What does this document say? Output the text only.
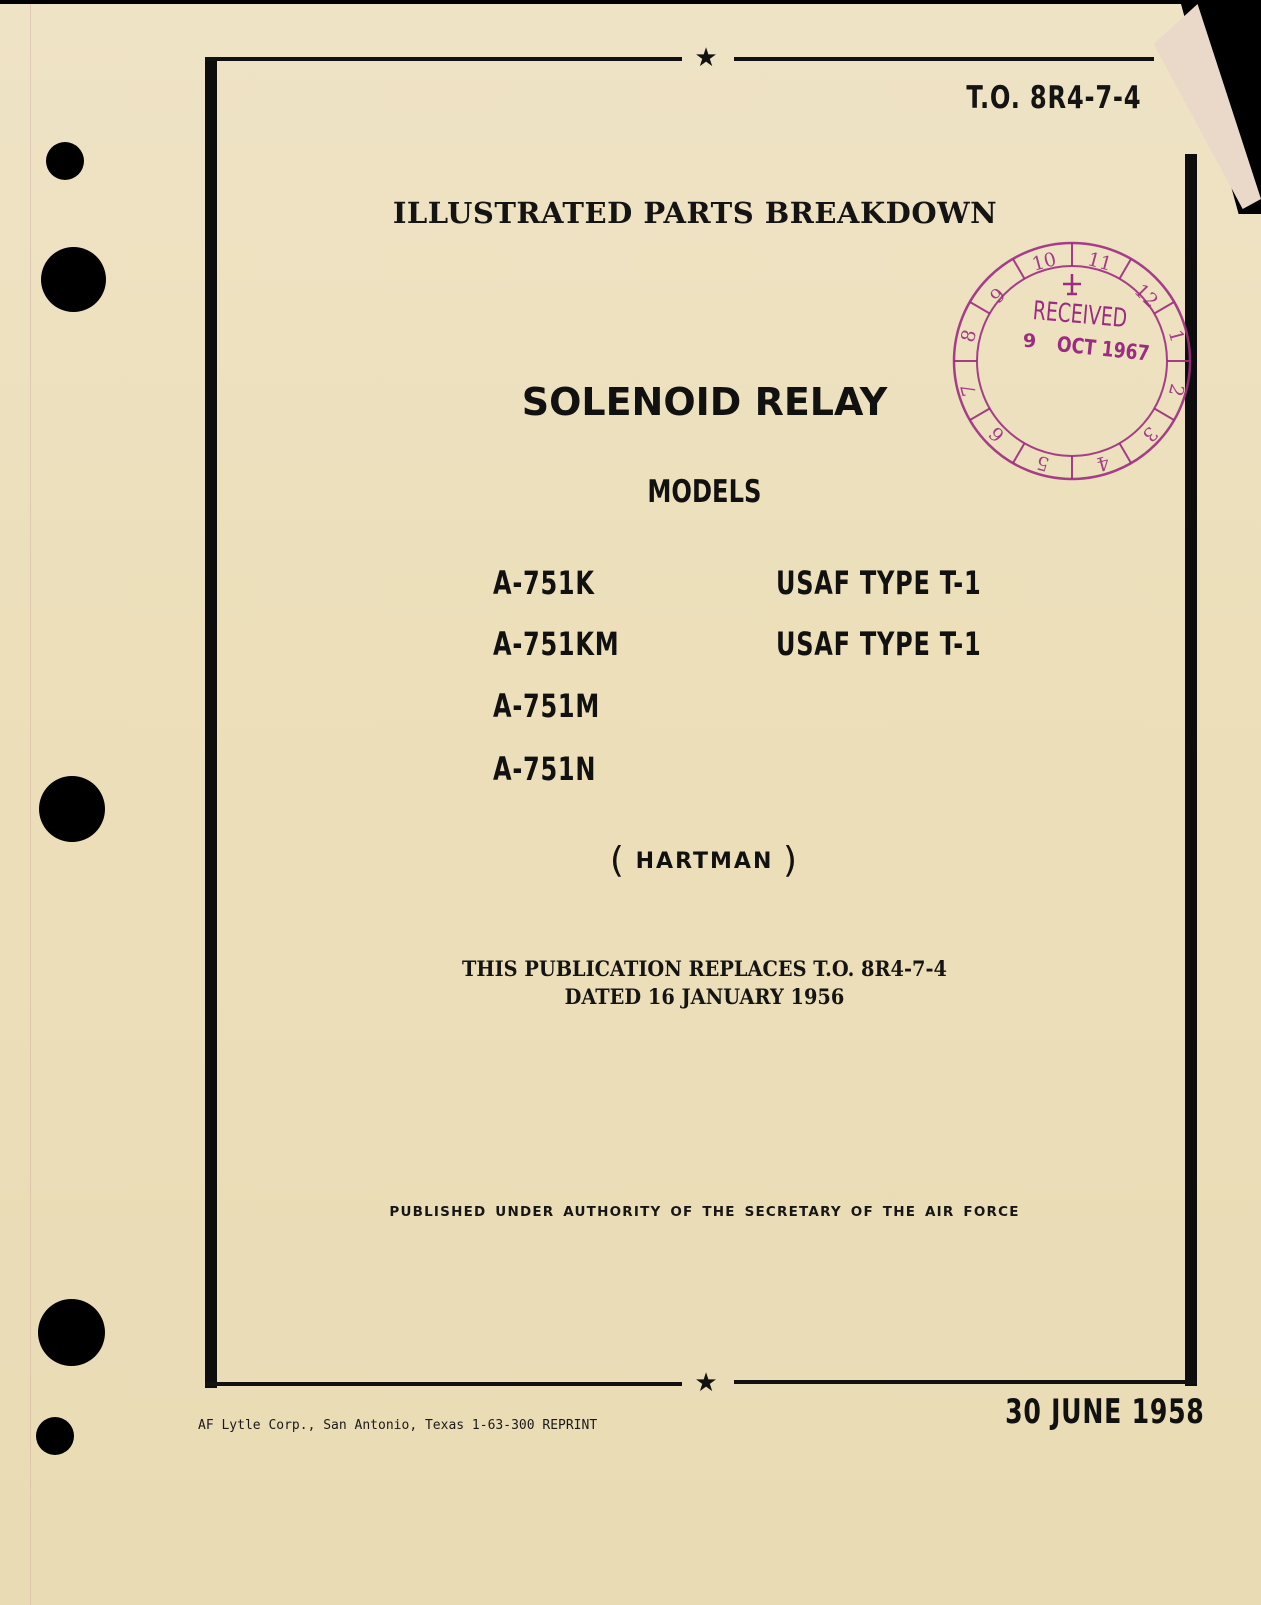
★
★
T.O. 8R4-7-4
ILLUSTRATED PARTS BREAKDOWN
10 11
12
1
2
3
4
5
6
7
8
9
RECEIVED
9 OCT 1967
SOLENOID RELAY
MODELS
A-751K	USAF TYPE T-1
A-751KM	USAF TYPE T-1
A-751M
A-751N
( HARTMAN )
THIS PUBLICATION REPLACES T.O. 8R4-7-4
DATED 16 JANUARY 1956
PUBLISHED UNDER AUTHORITY OF THE SECRETARY OF THE AIR FORCE
AF Lytle Corp., San Antonio, Texas 1-63-300 REPRINT	30 JUNE 1958
